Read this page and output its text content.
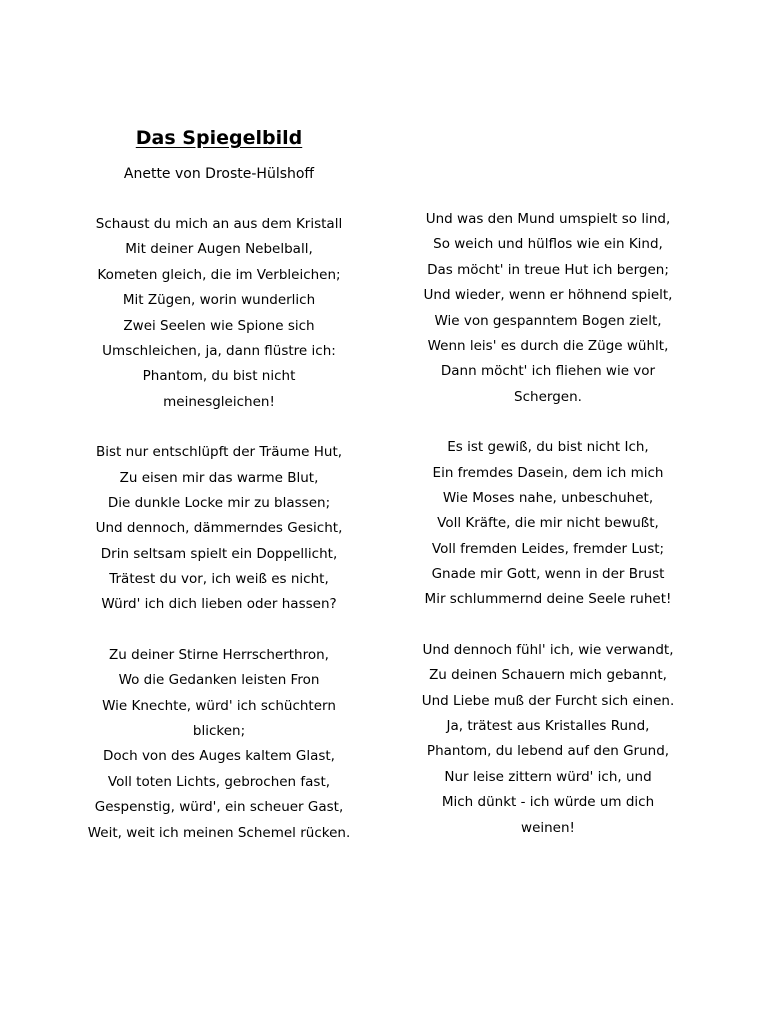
Das Spiegelbild

Anette von Droste-Hülshoff

Schaust du mich an aus dem Kristall
Mit deiner Augen Nebelball,
Kometen gleich, die im Verbleichen;
Mit Zügen, worin wunderlich
Zwei Seelen wie Spione sich
Umschleichen, ja, dann flüstre ich:
Phantom, du bist nicht
meinesgleichen!
Bist nur entschlüpft der Träume Hut,
Zu eisen mir das warme Blut,
Die dunkle Locke mir zu blassen;
Und dennoch, dämmerndes Gesicht,
Drin seltsam spielt ein Doppellicht,
Trätest du vor, ich weiß es nicht,
Würd' ich dich lieben oder hassen?
Zu deiner Stirne Herrscherthron,
Wo die Gedanken leisten Fron
Wie Knechte, würd' ich schüchtern
blicken;
Doch von des Auges kaltem Glast,
Voll toten Lichts, gebrochen fast,
Gespenstig, würd', ein scheuer Gast,
Weit, weit ich meinen Schemel rücken.
Und was den Mund umspielt so lind,
So weich und hülflos wie ein Kind,
Das möcht' in treue Hut ich bergen;
Und wieder, wenn er höhnend spielt,
Wie von gespanntem Bogen zielt,
Wenn leis' es durch die Züge wühlt,
Dann möcht' ich fliehen wie vor
Schergen.
Es ist gewiß, du bist nicht Ich,
Ein fremdes Dasein, dem ich mich
Wie Moses nahe, unbeschuhet,
Voll Kräfte, die mir nicht bewußt,
Voll fremden Leides, fremder Lust;
Gnade mir Gott, wenn in der Brust
Mir schlummernd deine Seele ruhet!
Und dennoch fühl' ich, wie verwandt,
Zu deinen Schauern mich gebannt,
Und Liebe muß der Furcht sich einen.
Ja, trätest aus Kristalles Rund,
Phantom, du lebend auf den Grund,
Nur leise zittern würd' ich, und
Mich dünkt - ich würde um dich
weinen!
